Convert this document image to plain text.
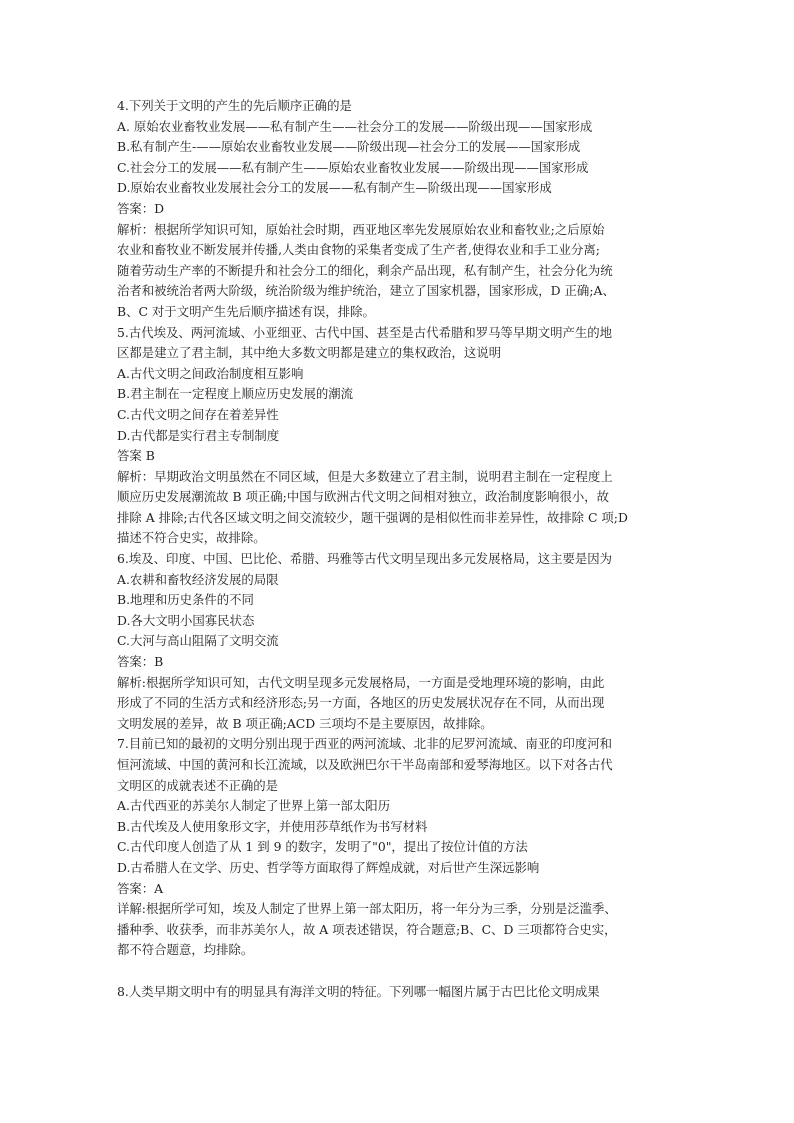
4.下列关于文明的产生的先后顺序正确的是

A. 原始农业畜牧业发展——私有制产生——社会分工的发展——阶级出现——国家形成

B.私有制产生-——原始农业畜牧业发展——阶级出现—社会分工的发展——国家形成

C.社会分工的发展——私有制产生——原始农业畜牧业发展——阶级出现——国家形成

D.原始农业畜牧业发展社会分工的发展——私有制产生—阶级出现——国家形成

答案：D

解析：根据所学知识可知，原始社会时期，西亚地区率先发展原始农业和畜牧业;之后原始

农业和畜牧业不断发展并传播,人类由食物的采集者变成了生产者,使得农业和手工业分离;

随着劳动生产率的不断提升和社会分工的细化，剩余产品出现，私有制产生，社会分化为统

治者和被统治者两大阶级，统治阶级为维护统治，建立了国家机器，国家形成，D 正确;A、

B、C 对于文明产生先后顺序描述有误，排除。

5.古代埃及、两河流域、小亚细亚、古代中国、甚至是古代希腊和罗马等早期文明产生的地

区都是建立了君主制，其中绝大多数文明都是建立的集权政治，这说明

A.古代文明之间政治制度相互影响

B.君主制在一定程度上顺应历史发展的潮流

C.古代文明之间存在着差异性

D.古代都是实行君主专制制度

答案 B

解析：早期政治文明虽然在不同区域，但是大多数建立了君主制，说明君主制在一定程度上

顺应历史发展潮流故 B 项正确;中国与欧洲古代文明之间相对独立，政治制度影响很小，故

排除 A 排除;古代各区域文明之间交流较少，题干强调的是相似性而非差异性，故排除 C 项;D

描述不符合史实，故排除。

6.埃及、印度、中国、巴比伦、希腊、玛雅等古代文明呈现出多元发展格局，这主要是因为

A.农耕和畜牧经济发展的局限

B.地理和历史条件的不同

D.各大文明小国寡民状态

C.大河与高山阻隔了文明交流

答案：B

解析:根据所学知识可知，古代文明呈现多元发展格局，一方面是受地理环境的影响，由此

形成了不同的生活方式和经济形态;另一方面，各地区的历史发展状况存在不同，从而出现

文明发展的差异，故 B 项正确;ACD 三项均不是主要原因，故排除。

7.目前已知的最初的文明分别出现于西亚的两河流域、北非的尼罗河流域、南亚的印度河和

恒河流域、中国的黄河和长江流域，以及欧洲巴尔干半岛南部和爱琴海地区。以下对各古代

文明区的成就表述不正确的是

A.古代西亚的苏美尔人制定了世界上第一部太阳历

B.古代埃及人使用象形文字，并使用莎草纸作为书写材料

C.古代印度人创造了从 1 到 9 的数字，发明了"0"，提出了按位计值的方法

D.古希腊人在文学、历史、哲学等方面取得了辉煌成就，对后世产生深远影响

答案：A

详解:根据所学可知，埃及人制定了世界上第一部太阳历，将一年分为三季，分别是泛滥季、

播种季、收获季，而非苏美尔人，故 A 项表述错误，符合题意;B、C、D 三项都符合史实，

都不符合题意，均排除。

8.人类早期文明中有的明显具有海洋文明的特征。下列哪一幅图片属于古巴比伦文明成果
